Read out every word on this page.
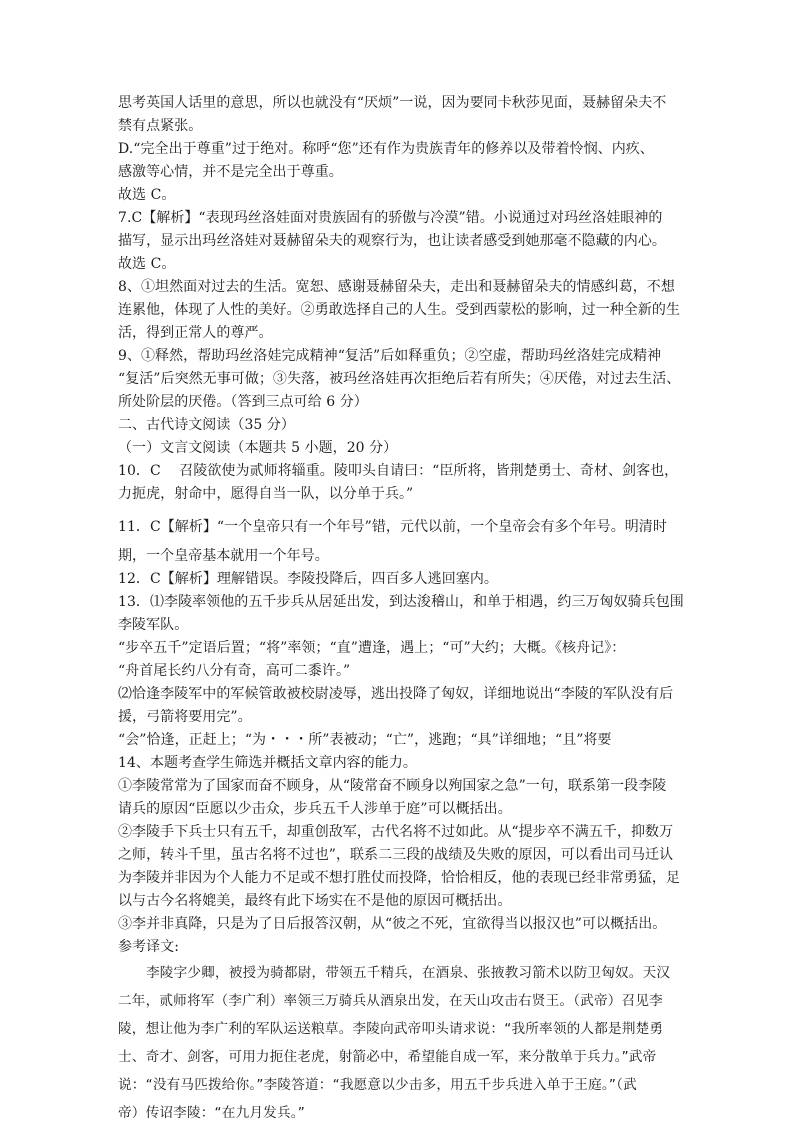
思考英国人话里的意思，所以也就没有“厌烦”一说，因为要同卡秋莎见面，聂赫留朵夫不

禁有点紧张。

D.“完全出于尊重”过于绝对。称呼“您”还有作为贵族青年的修养以及带着怜悯、内疚、

感激等心情，并不是完全出于尊重。

故选 C。

7.C【解析】“表现玛丝洛娃面对贵族固有的骄傲与冷漠”错。小说通过对玛丝洛娃眼神的

描写，显示出玛丝洛娃对聂赫留朵夫的观察行为，也让读者感受到她那毫不隐藏的内心。

故选 C。

8、①坦然面对过去的生活。宽恕、感谢聂赫留朵夫，走出和聂赫留朵夫的情感纠葛，不想

连累他，体现了人性的美好。②勇敢选择自己的人生。受到西蒙松的影响，过一种全新的生

活，得到正常人的尊严。

9、①释然，帮助玛丝洛娃完成精神“复活”后如释重负；②空虚，帮助玛丝洛娃完成精神

“复活”后突然无事可做；③失落，被玛丝洛娃再次拒绝后若有所失；④厌倦，对过去生活、

所处阶层的厌倦。（答到三点可给 6 分）

二、古代诗文阅读（35 分）

（一）文言文阅读（本题共 5 小题，20 分）

10．C　 召陵欲使为贰师将辎重。陵叩头自请曰：“臣所将，皆荆楚勇士、奇材、剑客也，

力扼虎，射命中，愿得自当一队，以分单于兵。”

11．C【解析】“一个皇帝只有一个年号”错，元代以前，一个皇帝会有多个年号。明清时

期，一个皇帝基本就用一个年号。

12．C【解析】理解错误。李陵投降后，四百多人逃回塞内。

13．⑴李陵率领他的五千步兵从居延出发，到达浚稽山，和单于相遇，约三万匈奴骑兵包围

李陵军队。

“步卒五千”定语后置；“将”率领；“直”遭逢，遇上；“可”大约；大概。《核舟记》：

“舟首尾长约八分有奇，高可二黍许。”

⑵恰逢李陵军中的军候管敢被校尉凌辱，逃出投降了匈奴，详细地说出“李陵的军队没有后

援，弓箭将要用完”。

“会”恰逢，正赶上；“为・・・所”表被动；“亡”，逃跑；“具”详细地；“且”将要

14、本题考查学生筛选并概括文章内容的能力。

①李陵常常为了国家而奋不顾身，从“陵常奋不顾身以殉国家之急”一句，联系第一段李陵

请兵的原因“臣愿以少击众，步兵五千人涉单于庭”可以概括出。

②李陵手下兵士只有五千，却重创敌军，古代名将不过如此。从“提步卒不满五千，抑数万

之师，转斗千里，虽古名将不过也”，联系二三段的战绩及失败的原因，可以看出司马迁认

为李陵并非因为个人能力不足或不想打胜仗而投降，恰恰相反，他的表现已经非常勇猛，足

以与古今名将媲美，最终有此下场实在不是他的原因可概括出。

③李并非真降，只是为了日后报答汉朝，从“彼之不死，宜欲得当以报汉也”可以概括出。

参考译文:

李陵字少卿，被授为骑都尉，带领五千精兵，在酒泉、张掖教习箭术以防卫匈奴。天汉

二年，贰师将军（李广利）率领三万骑兵从酒泉出发，在天山攻击右贤王。（武帝）召见李

陵，想让他为李广利的军队运送粮草。李陵向武帝叩头请求说：“我所率领的人都是荆楚勇

士、奇才、剑客，可用力扼住老虎，射箭必中，希望能自成一军，来分散单于兵力。”武帝

说：“没有马匹拨给你。”李陵答道：“我愿意以少击多，用五千步兵进入单于王庭。”（武

帝）传诏李陵：“在九月发兵。”
